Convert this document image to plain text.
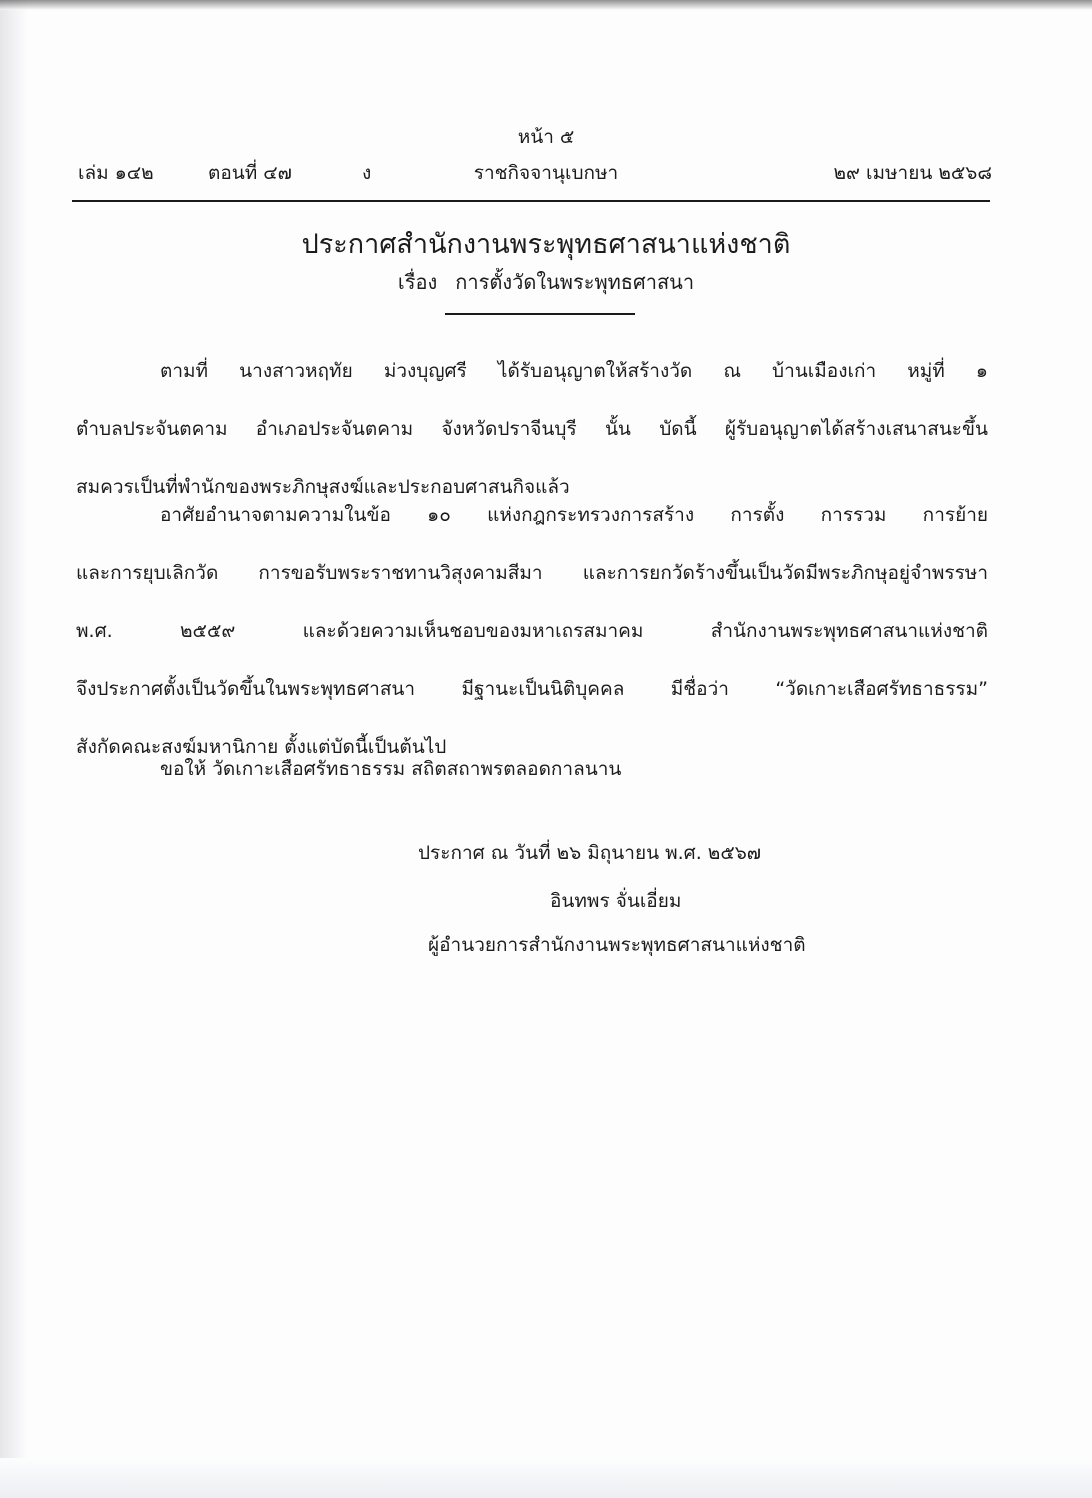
หน้า ๕
เล่ม ๑๔๒	ตอนที่ ๔๗	ง	ราชกิจจานุเบกษา	๒๙ เมษายน ๒๕๖๘
ประกาศสำนักงานพระพุทธศาสนาแห่งชาติ
เรื่อง การตั้งวัดในพระพุทธศาสนา
ตามที่ นางสาวหฤทัย ม่วงบุญศรี ได้รับอนุญาตให้สร้างวัด ณ บ้านเมืองเก่า หมู่ที่ ๑
ตำบลประจันตคาม อำเภอประจันตคาม จังหวัดปราจีนบุรี นั้น บัดนี้ ผู้รับอนุญาตได้สร้างเสนาสนะขึ้น
สมควรเป็นที่พำนักของพระภิกษุสงฆ์และประกอบศาสนกิจแล้ว
อาศัยอำนาจตามความในข้อ ๑๐ แห่งกฎกระทรวงการสร้าง การตั้ง การรวม การย้าย
และการยุบเลิกวัด การขอรับพระราชทานวิสุงคามสีมา และการยกวัดร้างขึ้นเป็นวัดมีพระภิกษุอยู่จำพรรษา
พ.ศ. ๒๕๕๙ และด้วยความเห็นชอบของมหาเถรสมาคม สำนักงานพระพุทธศาสนาแห่งชาติ
จึงประกาศตั้งเป็นวัดขึ้นในพระพุทธศาสนา มีฐานะเป็นนิติบุคคล มีชื่อว่า “วัดเกาะเสือศรัทธาธรรม”
สังกัดคณะสงฆ์มหานิกาย ตั้งแต่บัดนี้เป็นต้นไป
ขอให้ วัดเกาะเสือศรัทธาธรรม สถิตสถาพรตลอดกาลนาน
ประกาศ ณ วันที่ ๒๖ มิถุนายน พ.ศ. ๒๕๖๗
อินทพร จั่นเอี่ยม
ผู้อำนวยการสำนักงานพระพุทธศาสนาแห่งชาติ
